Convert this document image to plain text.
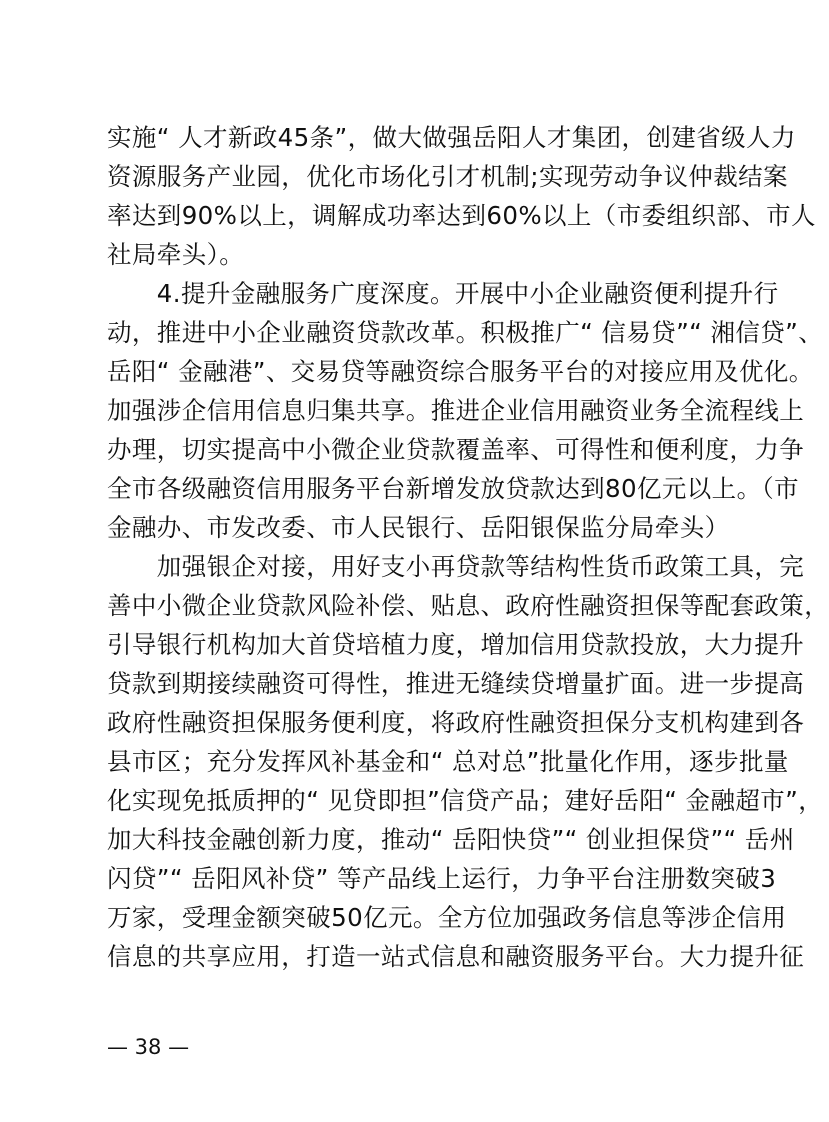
实施“ 人才新政45条”，做大做强岳阳人才集团，创建省级人力
资源服务产业园，优化市场化引才机制;实现劳动争议仲裁结案
率达到90%以上，调解成功率达到60%以上（市委组织部、市人
社局牵头）。
　　4.提升金融服务广度深度。开展中小企业融资便利提升行
动，推进中小企业融资贷款改革。积极推广“ 信易贷”“ 湘信贷”、
岳阳“ 金融港”、交易贷等融资综合服务平台的对接应用及优化。
加强涉企信用信息归集共享。推进企业信用融资业务全流程线上
办理，切实提高中小微企业贷款覆盖率、可得性和便利度，力争
全市各级融资信用服务平台新增发放贷款达到80亿元以上。（市
金融办、市发改委、市人民银行、岳阳银保监分局牵头）
　　加强银企对接，用好支小再贷款等结构性货币政策工具，完
善中小微企业贷款风险补偿、贴息、政府性融资担保等配套政策，
引导银行机构加大首贷培植力度，增加信用贷款投放，大力提升
贷款到期接续融资可得性，推进无缝续贷增量扩面。进一步提高
政府性融资担保服务便利度，将政府性融资担保分支机构建到各
县市区；充分发挥风补基金和“ 总对总”批量化作用，逐步批量
化实现免抵质押的“ 见贷即担”信贷产品；建好岳阳“ 金融超市”，
加大科技金融创新力度，推动“ 岳阳快贷”“ 创业担保贷”“ 岳州
闪贷”“ 岳阳风补贷” 等产品线上运行，力争平台注册数突破3
万家，受理金额突破50亿元。全方位加强政务信息等涉企信用
信息的共享应用，打造一站式信息和融资服务平台。大力提升征
— 38 —
